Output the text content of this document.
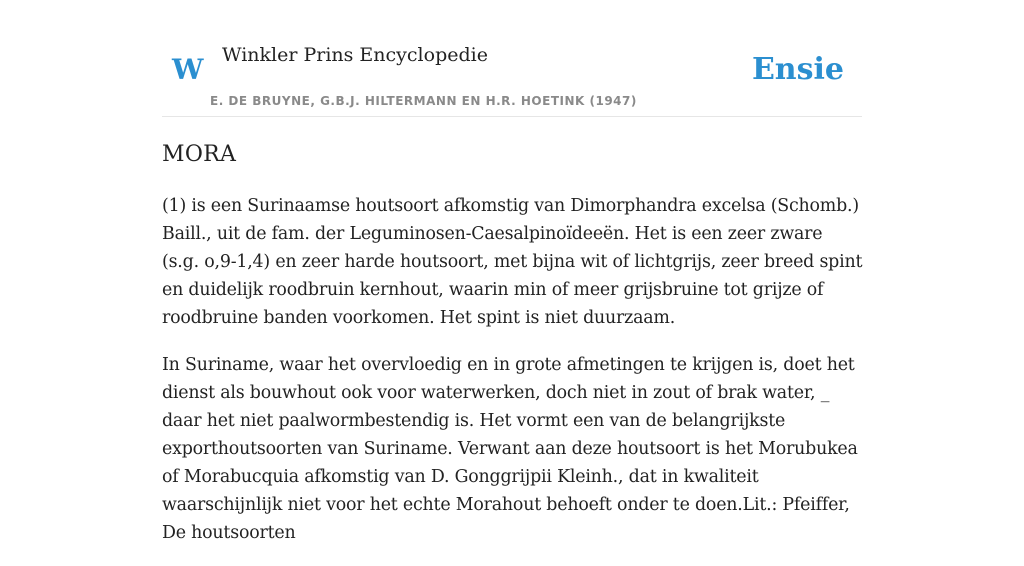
W Winkler Prins Encyclopedie
E. DE BRUYNE, G.B.J. HILTERMANN EN H.R. HOETINK (1947)
Ensie
MORA

(1) is een Surinaamse houtsoort afkomstig van Dimorphandra excelsa (Schomb.) Baill., uit de fam. der Leguminosen-Caesalpinoïdeeën. Het is een zeer zware (s.g. o,9-1,4) en zeer harde houtsoort, met bijna wit of lichtgrijs, zeer breed spint en duidelijk roodbruin kernhout, waarin min of meer grijsbruine tot grijze of roodbruine banden voorkomen. Het spint is niet duurzaam.

In Suriname, waar het overvloedig en in grote afmetingen te krijgen is, doet het dienst als bouwhout ook voor waterwerken, doch niet in zout of brak water, _ daar het niet paalwormbestendig is. Het vormt een van de belangrijkste exporthoutsoorten van Suriname. Verwant aan deze houtsoort is het Morubukea of Morabucquia afkomstig van D. Gonggrijpii Kleinh., dat in kwaliteit waarschijnlijk niet voor het echte Morahout behoeft onder te doen.Lit.: Pfeiffer, De houtsoorten
